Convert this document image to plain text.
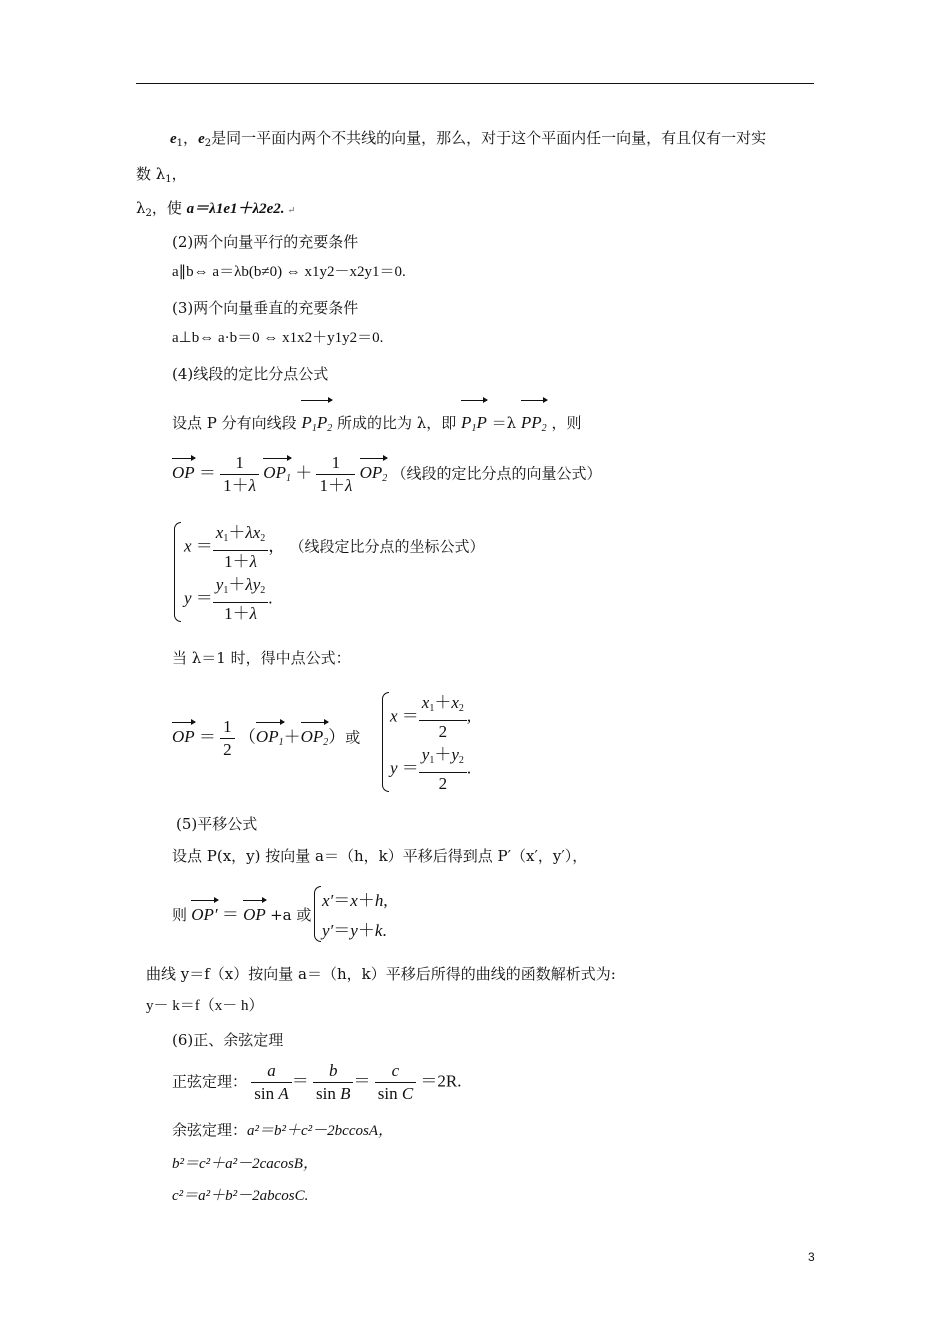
$e_1$，$e_2$是同一平面内两个不共线的向量，那么，对于这个平面内任一向量，有且仅有一对实
数 $\lambda_1$，
$\lambda_2$，使 a＝λ1e1＋λ2e2. ↵
(2)两个向量平行的充要条件
a∥b⇔ a＝λb(b≠0) ⇔ x1y2－x2y1＝0.
(3)两个向量垂直的充要条件
a⊥b⇔ a·b＝0 ⇔ x1x2＋y1y2＝0.
(4)线段的定比分点公式
设点 P 分有向线段 $P_1P_2$ 所成的比为 λ，即 $P_1P =\lambda$ $PP_2$ ，则
OP ＝ $\frac{1}{1+\lambda} OP_1 + \frac{1}{1+\lambda} OP_2$ （线段的定比分点的向量公式）
$x = \frac{x_1+\lambda x_2}{1+\lambda}$ ， （线段定比分点的坐标公式）
$y = \frac{y_1+\lambda y_2}{1+\lambda}$ .
当 λ＝1 时，得中点公式：
OP ＝ $\frac{1}{2} (OP_1+OP_2)$或
$x = \frac{x_1+x_2}{2}$ ,
$y = \frac{y_1+y_2}{2}$ .
(5)平移公式
设点 P(x，y) 按向量 a＝（h，k）平移后得到点 P′（x′，y′），
则 OP′ ＝ OP +a 或
x′＝x＋h,
y′＝y＋k.
曲线 y＝f（x）按向量 a＝（h，k）平移后所得的曲线的函数解析式为:
y－ k＝f（x－ h）
(6)正、余弦定理
正弦定理： $\frac{a}{\text{sin A}} = \frac{b}{\text{sin B}} = \frac{c}{\text{sin C}} =2R$.
余弦定理：a²＝b²＋c²－2bccosA，
b²＝c²＋a²－2cacosB，
c²＝a²＋b²－2abcosC.
3
